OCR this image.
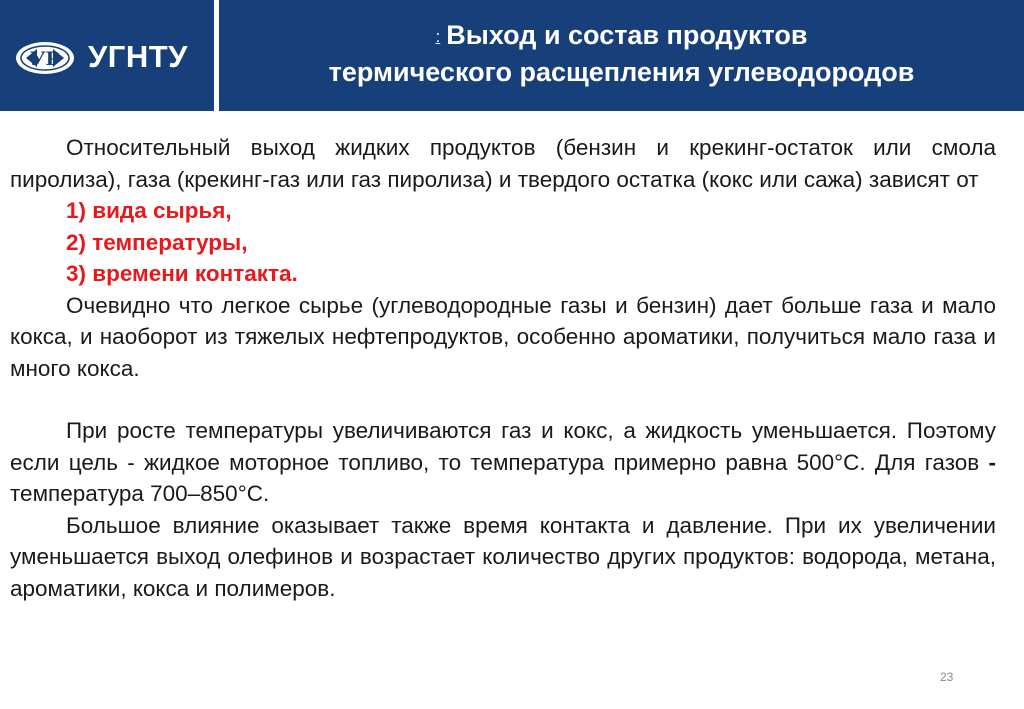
УР УГНТУ
: Выход и состав продуктов
термического расщепления углеводородов

Относительный выход жидких продуктов (бензин и крекинг-остаток или смола пиролиза), газа (крекинг-газ или газ пиролиза) и твердого остатка (кокс или сажа) зависят от

1) вида сырья,
2) температуры,
3) времени контакта.

Очевидно что легкое сырье (углеводородные газы и бензин) дает больше газа и мало кокса, и наоборот из тяжелых нефтепродуктов, особенно ароматики, получиться мало газа и много кокса.

При росте температуры увеличиваются газ и кокс, а жидкость уменьшается. Поэтому если цель - жидкое моторное топливо, то температура примерно равна 500°С. Для газов - температура 700–850°С.

Большое влияние оказывает также время контакта и давление. При их увеличении уменьшается выход олефинов и возрастает количество других продуктов: водорода, метана, ароматики, кокса и полимеров.

23
